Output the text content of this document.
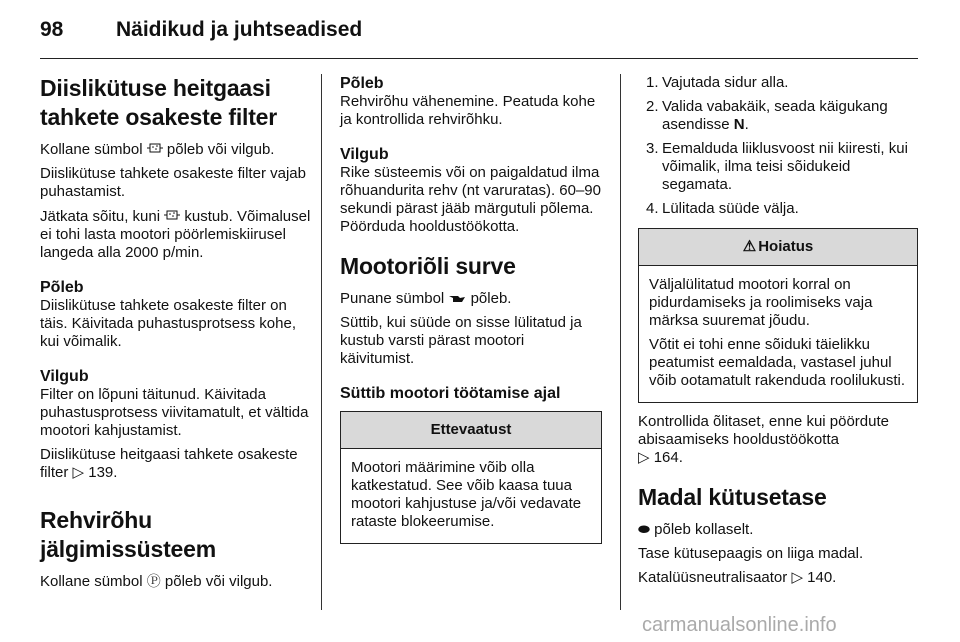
98	Näidikud ja juhtseadised
Diislikütuse heitgaasi tahkete osakeste filter

Kollane sümbol põleb või vilgub.

Diislikütuse tahkete osakeste filter vajab puhastamist.

Jätkata sõitu, kuni kustub. Võimalusel ei tohi lasta mootori pöörlemiskiirusel langeda alla 2000 p/min.

Põleb

Diislikütuse tahkete osakeste filter on täis. Käivitada puhastusprotsess kohe, kui võimalik.

Vilgub

Filter on lõpuni täitunud. Käivitada puhastusprotsess viivitamatult, et vältida mootori kahjustamist.

Diislikütuse heitgaasi tahkete osakeste filter ▷ 139.

Rehvirõhu jälgimissüsteem

Kollane sümbol Ⓟ põleb või vilgub.

Põleb

Rehvirõhu vähenemine. Peatuda kohe ja kontrollida rehvirõhku.

Vilgub

Rike süsteemis või on paigaldatud ilma rõhuandurita rehv (nt varuratas). 60–90 sekundi pärast jääb märgutuli põlema. Pöörduda hooldustöökotta.

Mootoriõli surve

Punane sümbol põleb.

Süttib, kui süüde on sisse lülitatud ja kustub varsti pärast mootori käivitumist.

Süttib mootori töötamise ajal
Ettevaatust

Mootori määrimine võib olla katkestatud. See võib kaasa tuua mootori kahjustuse ja/või vedavate rataste blokeerumise.

1. Vajutada sidur alla.
2. Valida vabakäik, seada käigukang asendisse N.
3. Eemalduda liiklusvoost nii kiiresti, kui võimalik, ilma teisi sõidukeid segamata.
4. Lülitada süüde välja.
⚠ Hoiatus

Väljalülitatud mootori korral on pidurdamiseks ja roolimiseks vaja märksa suuremat jõudu.

Võtit ei tohi enne sõiduki täielikku peatumist eemaldada, vastasel juhul võib ootamatult rakenduda roolilukusti.

Kontrollida õlitaset, enne kui pöördute abisaamiseks hooldustöökotta
▷ 164.

Madal kütusetase

⬬ põleb kollaselt.

Tase kütusepaagis on liiga madal.

Katalüüsneutralisaator ▷ 140.

carmanualsonline.info
